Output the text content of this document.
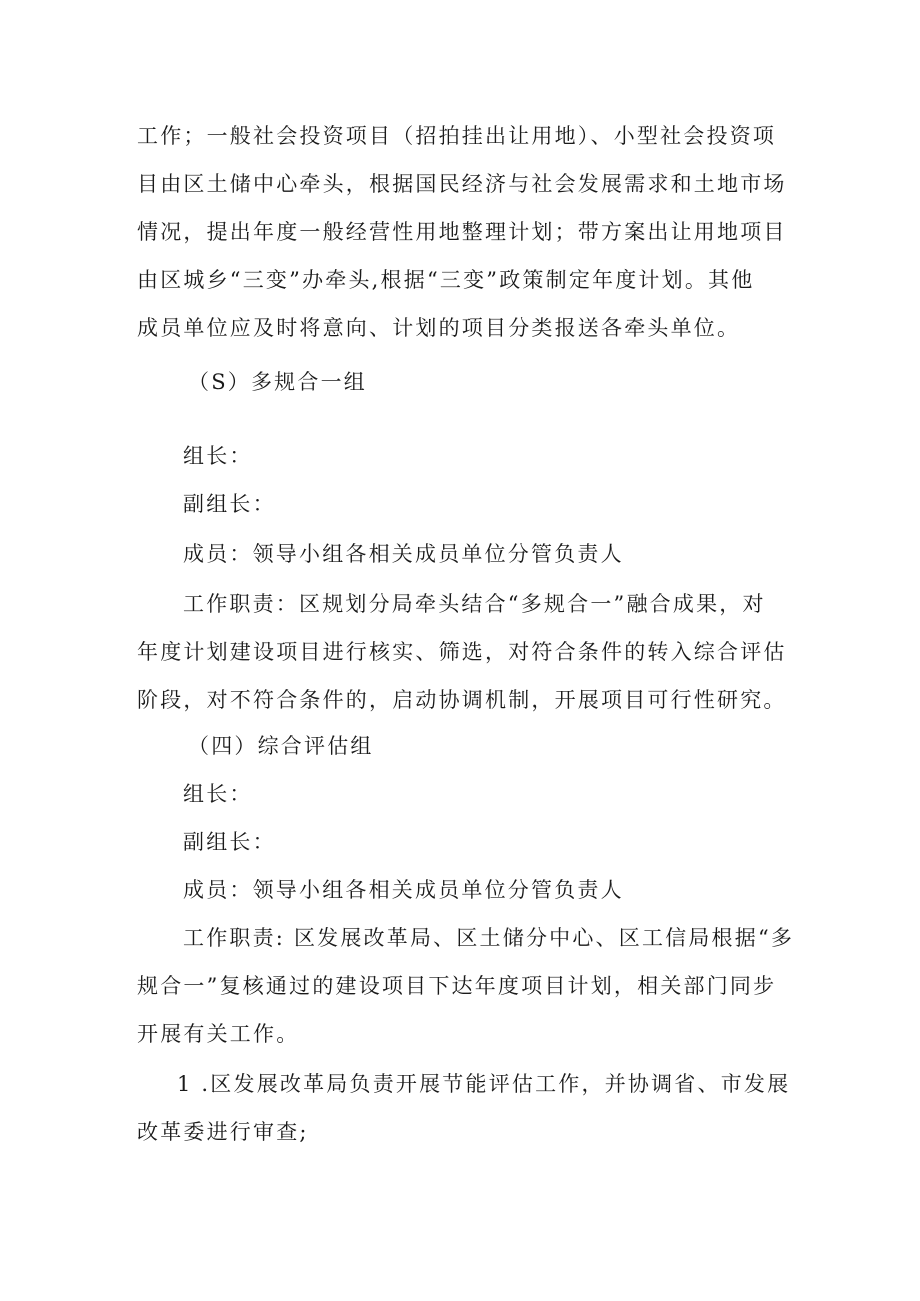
工作；一般社会投资项目（招拍挂出让用地）、小型社会投资项
目由区土储中心牵头，根据国民经济与社会发展需求和土地市场
情况，提出年度一般经营性用地整理计划；带方案出让用地项目
由区城乡“三变”办牵头,根据“三变”政策制定年度计划。其他
成员单位应及时将意向、计划的项目分类报送各牵头单位。

（S）多规合一组

组长：

副组长：

成员：领导小组各相关成员单位分管负责人

工作职责：区规划分局牵头结合“多规合一”融合成果，对
年度计划建设项目进行核实、筛选，对符合条件的转入综合评估
阶段，对不符合条件的，启动协调机制，开展项目可行性研究。

（四）综合评估组

组长：

副组长：

成员：领导小组各相关成员单位分管负责人

工作职责: 区发展改革局、区土储分中心、区工信局根据“多
规合一”复核通过的建设项目下达年度项目计划，相关部门同步
开展有关工作。

1 .区发展改革局负责开展节能评估工作，并协调省、市发展
改革委进行审查;
